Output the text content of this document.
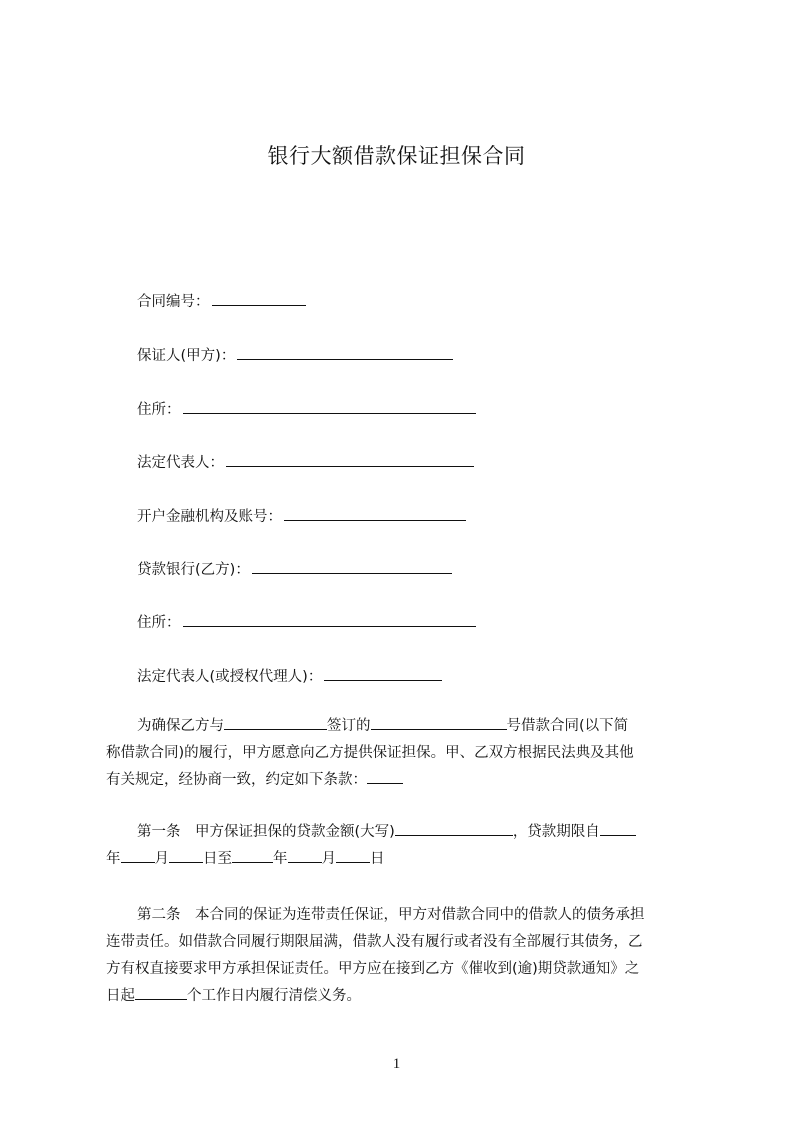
银行大额借款保证担保合同
合同编号：
保证人(甲方)：
住所：
法定代表人：
开户金融机构及账号：
贷款银行(乙方)：
住所：
法定代表人(或授权代理人)：

为确保乙方与	签订的	号借款合同(以下简

称借款合同)的履行，甲方愿意向乙方提供保证担保。甲、乙双方根据民法典及其他

有关规定，经协商一致，约定如下条款：

第一条　甲方保证担保的贷款金额(大写)	，贷款期限自

年 月 日至	年 月 日

第二条　本合同的保证为连带责任保证，甲方对借款合同中的借款人的债务承担

连带责任。如借款合同履行期限届满，借款人没有履行或者没有全部履行其债务，乙

方有权直接要求甲方承担保证责任。甲方应在接到乙方《催收到(逾)期贷款通知》之

日起	个工作日内履行清偿义务。

1
